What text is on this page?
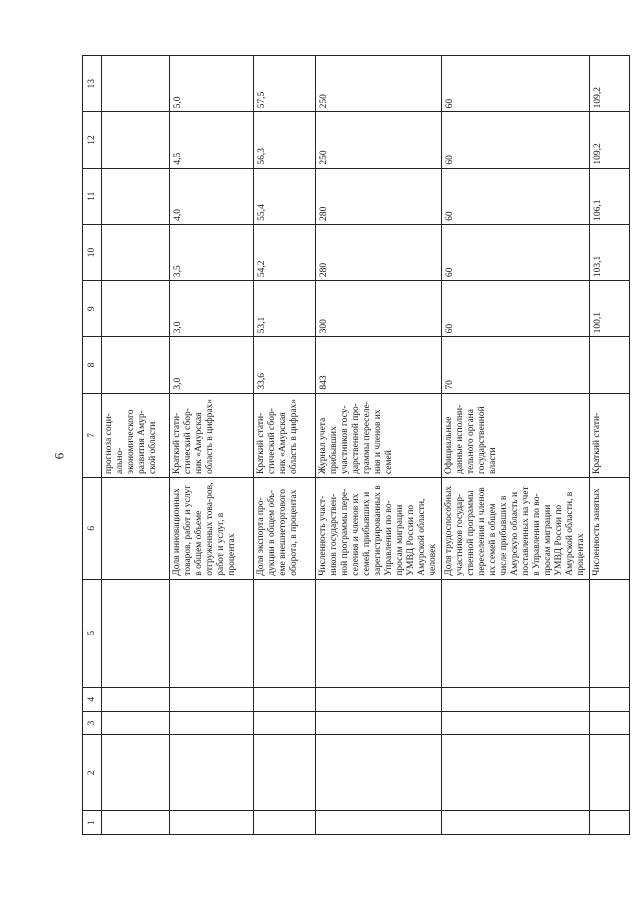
6
1	2	3	4	5	6	7	8	9	10	11	12	13
						прогноза соци-ально-экономического развития Амур-ской области						
					Доля инновационных товаров, работ и услуг в общем объеме отгруженных това-ров, работ и услуг, в процентах	Краткий стати-стический сбор-ник «Амурская область в цифрах»	3,0	3,0	3,5	4,0	4,5	5,0
					Доля экспорта про-дукции в общем объ-еме внешнеторгового оборота, в процентах	Краткий стати-стический сбор-ник «Амурская область в цифрах»	33,6	53,1	54,2	55,4	56,3	57,5
					Численность участ-ников государствен-ной программы пере-селения и членов их семей, прибывших и зарегистрированных в Управлении по во-просам миграции УМВД России по Амурской области, человек	Журнал учета прибывших участников госу-дарственной про-граммы переселе-ния и членов их семей	843	300	280	280	250	250
					Доля трудоспособных участников государ-ственной программы переселения и членов их семей в общем числе прибывших в Амурскую область и поставленных на учет в Управлении по во-просам миграции УМВД России по Амурской области, в процентах	Официальные данные исполни-тельного органа государственной власти	70	60	60	60	60	60
					Численность занятых	Краткий стати-		100,1	103,1	106,1	109,2	109,2
